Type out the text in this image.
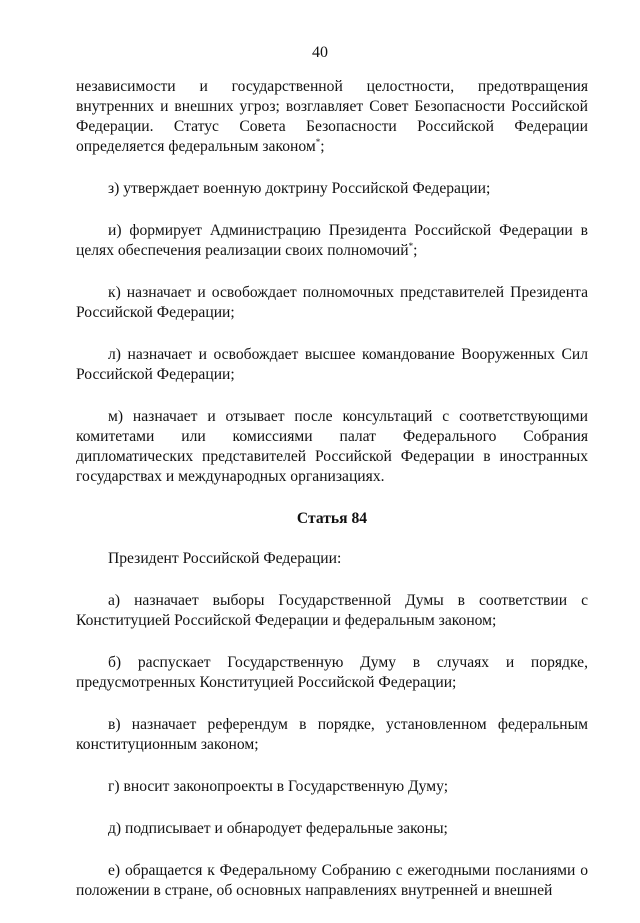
40

независимости и государственной целостности, предотвращения внутренних и внешних угроз; возглавляет Совет Безопасности Российской Федерации. Статус Совета Безопасности Российской Федерации определяется федеральным законом*;

з) утверждает военную доктрину Российской Федерации;

и) формирует Администрацию Президента Российской Федерации в целях обеспечения реализации своих полномочий*;

к) назначает и освобождает полномочных представителей Президента Российской Федерации;

л) назначает и освобождает высшее командование Вооруженных Сил Российской Федерации;

м) назначает и отзывает после консультаций с соответствующими комитетами или комиссиями палат Федерального Собрания дипломатических представителей Российской Федерации в иностранных государствах и международных организациях.

Статья 84

Президент Российской Федерации:

а) назначает выборы Государственной Думы в соответствии с Конституцией Российской Федерации и федеральным законом;

б) распускает Государственную Думу в случаях и порядке, предусмотренных Конституцией Российской Федерации;

в) назначает референдум в порядке, установленном федеральным конституционным законом;

г) вносит законопроекты в Государственную Думу;

д) подписывает и обнародует федеральные законы;

е) обращается к Федеральному Собранию с ежегодными посланиями о положении в стране, об основных направлениях внутренней и внешней
